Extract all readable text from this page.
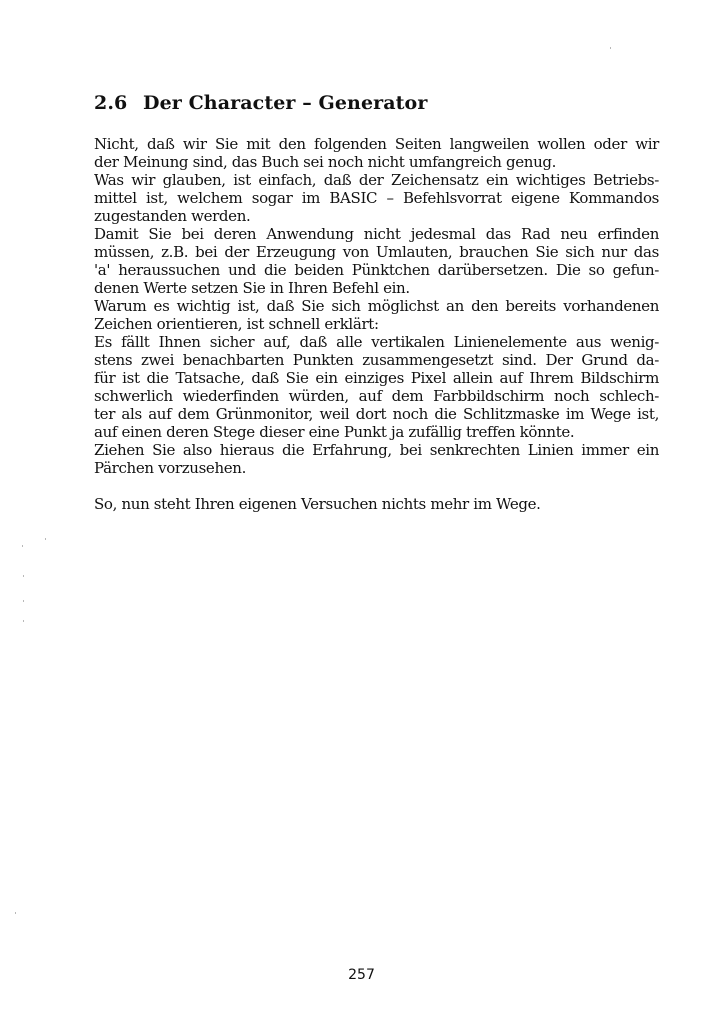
2.6 Der Character – Generator
Nicht, daß wir Sie mit den folgenden Seiten langweilen wollen oder wir
der Meinung sind, das Buch sei noch nicht umfangreich genug.
Was wir glauben, ist einfach, daß der Zeichensatz ein wichtiges Betriebs-
mittel ist, welchem sogar im BASIC – Befehlsvorrat eigene Kommandos
zugestanden werden.
Damit Sie bei deren Anwendung nicht jedesmal das Rad neu erfinden
müssen, z.B. bei der Erzeugung von Umlauten, brauchen Sie sich nur das
'a' heraussuchen und die beiden Pünktchen darübersetzen. Die so gefun-
denen Werte setzen Sie in Ihren Befehl ein.
Warum es wichtig ist, daß Sie sich möglichst an den bereits vorhandenen
Zeichen orientieren, ist schnell erklärt:
Es fällt Ihnen sicher auf, daß alle vertikalen Linienelemente aus wenig-
stens zwei benachbarten Punkten zusammengesetzt sind. Der Grund da-
für ist die Tatsache, daß Sie ein einziges Pixel allein auf Ihrem Bildschirm
schwerlich wiederfinden würden, auf dem Farbbildschirm noch schlech-
ter als auf dem Grünmonitor, weil dort noch die Schlitzmaske im Wege ist,
auf einen deren Stege dieser eine Punkt ja zufällig treffen könnte.
Ziehen Sie also hieraus die Erfahrung, bei senkrechten Linien immer ein
Pärchen vorzusehen.
So, nun steht Ihren eigenen Versuchen nichts mehr im Wege.
257
